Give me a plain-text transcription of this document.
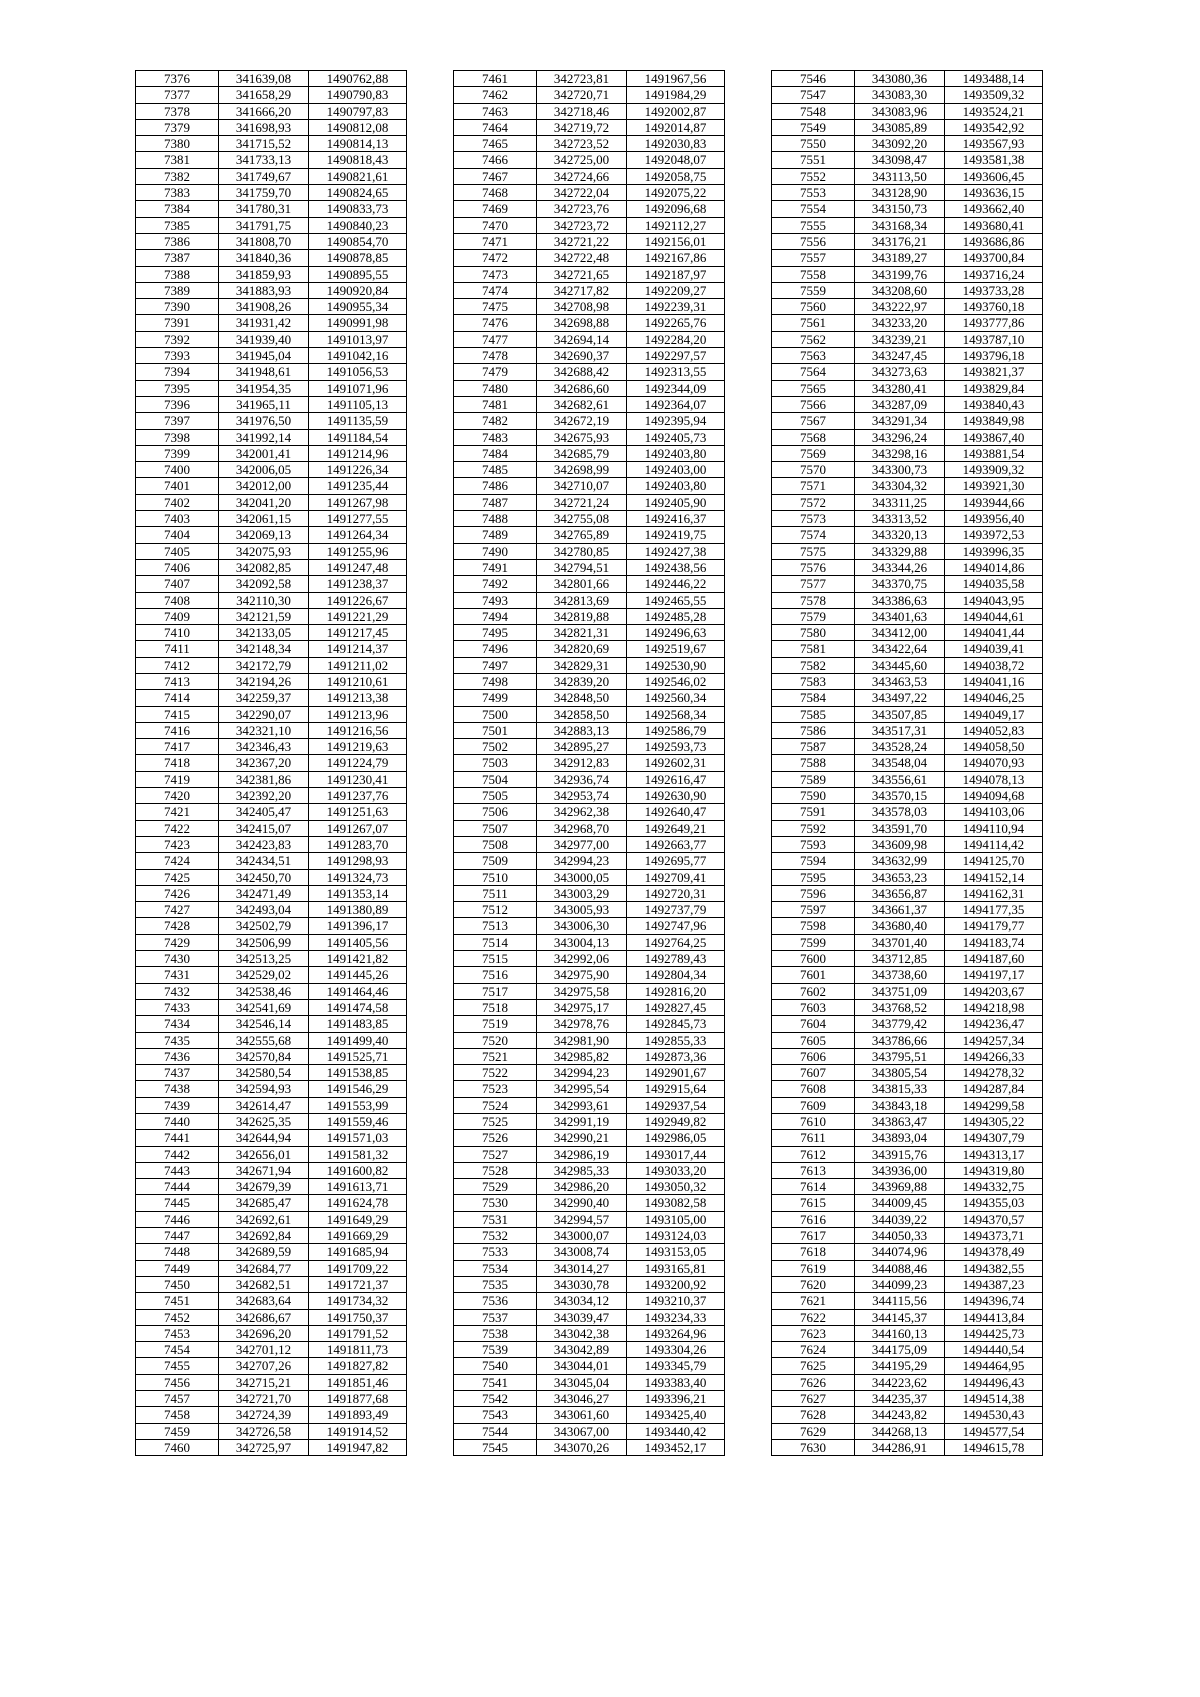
7376	341639,08	1490762,88
7377	341658,29	1490790,83
7378	341666,20	1490797,83
7379	341698,93	1490812,08
7380	341715,52	1490814,13
7381	341733,13	1490818,43
7382	341749,67	1490821,61
7383	341759,70	1490824,65
7384	341780,31	1490833,73
7385	341791,75	1490840,23
7386	341808,70	1490854,70
7387	341840,36	1490878,85
7388	341859,93	1490895,55
7389	341883,93	1490920,84
7390	341908,26	1490955,34
7391	341931,42	1490991,98
7392	341939,40	1491013,97
7393	341945,04	1491042,16
7394	341948,61	1491056,53
7395	341954,35	1491071,96
7396	341965,11	1491105,13
7397	341976,50	1491135,59
7398	341992,14	1491184,54
7399	342001,41	1491214,96
7400	342006,05	1491226,34
7401	342012,00	1491235,44
7402	342041,20	1491267,98
7403	342061,15	1491277,55
7404	342069,13	1491264,34
7405	342075,93	1491255,96
7406	342082,85	1491247,48
7407	342092,58	1491238,37
7408	342110,30	1491226,67
7409	342121,59	1491221,29
7410	342133,05	1491217,45
7411	342148,34	1491214,37
7412	342172,79	1491211,02
7413	342194,26	1491210,61
7414	342259,37	1491213,38
7415	342290,07	1491213,96
7416	342321,10	1491216,56
7417	342346,43	1491219,63
7418	342367,20	1491224,79
7419	342381,86	1491230,41
7420	342392,20	1491237,76
7421	342405,47	1491251,63
7422	342415,07	1491267,07
7423	342423,83	1491283,70
7424	342434,51	1491298,93
7425	342450,70	1491324,73
7426	342471,49	1491353,14
7427	342493,04	1491380,89
7428	342502,79	1491396,17
7429	342506,99	1491405,56
7430	342513,25	1491421,82
7431	342529,02	1491445,26
7432	342538,46	1491464,46
7433	342541,69	1491474,58
7434	342546,14	1491483,85
7435	342555,68	1491499,40
7436	342570,84	1491525,71
7437	342580,54	1491538,85
7438	342594,93	1491546,29
7439	342614,47	1491553,99
7440	342625,35	1491559,46
7441	342644,94	1491571,03
7442	342656,01	1491581,32
7443	342671,94	1491600,82
7444	342679,39	1491613,71
7445	342685,47	1491624,78
7446	342692,61	1491649,29
7447	342692,84	1491669,29
7448	342689,59	1491685,94
7449	342684,77	1491709,22
7450	342682,51	1491721,37
7451	342683,64	1491734,32
7452	342686,67	1491750,37
7453	342696,20	1491791,52
7454	342701,12	1491811,73
7455	342707,26	1491827,82
7456	342715,21	1491851,46
7457	342721,70	1491877,68
7458	342724,39	1491893,49
7459	342726,58	1491914,52
7460	342725,97	1491947,82
7461	342723,81	1491967,56
7462	342720,71	1491984,29
7463	342718,46	1492002,87
7464	342719,72	1492014,87
7465	342723,52	1492030,83
7466	342725,00	1492048,07
7467	342724,66	1492058,75
7468	342722,04	1492075,22
7469	342723,76	1492096,68
7470	342723,72	1492112,27
7471	342721,22	1492156,01
7472	342722,48	1492167,86
7473	342721,65	1492187,97
7474	342717,82	1492209,27
7475	342708,98	1492239,31
7476	342698,88	1492265,76
7477	342694,14	1492284,20
7478	342690,37	1492297,57
7479	342688,42	1492313,55
7480	342686,60	1492344,09
7481	342682,61	1492364,07
7482	342672,19	1492395,94
7483	342675,93	1492405,73
7484	342685,79	1492403,80
7485	342698,99	1492403,00
7486	342710,07	1492403,80
7487	342721,24	1492405,90
7488	342755,08	1492416,37
7489	342765,89	1492419,75
7490	342780,85	1492427,38
7491	342794,51	1492438,56
7492	342801,66	1492446,22
7493	342813,69	1492465,55
7494	342819,88	1492485,28
7495	342821,31	1492496,63
7496	342820,69	1492519,67
7497	342829,31	1492530,90
7498	342839,20	1492546,02
7499	342848,50	1492560,34
7500	342858,50	1492568,34
7501	342883,13	1492586,79
7502	342895,27	1492593,73
7503	342912,83	1492602,31
7504	342936,74	1492616,47
7505	342953,74	1492630,90
7506	342962,38	1492640,47
7507	342968,70	1492649,21
7508	342977,00	1492663,77
7509	342994,23	1492695,77
7510	343000,05	1492709,41
7511	343003,29	1492720,31
7512	343005,93	1492737,79
7513	343006,30	1492747,96
7514	343004,13	1492764,25
7515	342992,06	1492789,43
7516	342975,90	1492804,34
7517	342975,58	1492816,20
7518	342975,17	1492827,45
7519	342978,76	1492845,73
7520	342981,90	1492855,33
7521	342985,82	1492873,36
7522	342994,23	1492901,67
7523	342995,54	1492915,64
7524	342993,61	1492937,54
7525	342991,19	1492949,82
7526	342990,21	1492986,05
7527	342986,19	1493017,44
7528	342985,33	1493033,20
7529	342986,20	1493050,32
7530	342990,40	1493082,58
7531	342994,57	1493105,00
7532	343000,07	1493124,03
7533	343008,74	1493153,05
7534	343014,27	1493165,81
7535	343030,78	1493200,92
7536	343034,12	1493210,37
7537	343039,47	1493234,33
7538	343042,38	1493264,96
7539	343042,89	1493304,26
7540	343044,01	1493345,79
7541	343045,04	1493383,40
7542	343046,27	1493396,21
7543	343061,60	1493425,40
7544	343067,00	1493440,42
7545	343070,26	1493452,17
7546	343080,36	1493488,14
7547	343083,30	1493509,32
7548	343083,96	1493524,21
7549	343085,89	1493542,92
7550	343092,20	1493567,93
7551	343098,47	1493581,38
7552	343113,50	1493606,45
7553	343128,90	1493636,15
7554	343150,73	1493662,40
7555	343168,34	1493680,41
7556	343176,21	1493686,86
7557	343189,27	1493700,84
7558	343199,76	1493716,24
7559	343208,60	1493733,28
7560	343222,97	1493760,18
7561	343233,20	1493777,86
7562	343239,21	1493787,10
7563	343247,45	1493796,18
7564	343273,63	1493821,37
7565	343280,41	1493829,84
7566	343287,09	1493840,43
7567	343291,34	1493849,98
7568	343296,24	1493867,40
7569	343298,16	1493881,54
7570	343300,73	1493909,32
7571	343304,32	1493921,30
7572	343311,25	1493944,66
7573	343313,52	1493956,40
7574	343320,13	1493972,53
7575	343329,88	1493996,35
7576	343344,26	1494014,86
7577	343370,75	1494035,58
7578	343386,63	1494043,95
7579	343401,63	1494044,61
7580	343412,00	1494041,44
7581	343422,64	1494039,41
7582	343445,60	1494038,72
7583	343463,53	1494041,16
7584	343497,22	1494046,25
7585	343507,85	1494049,17
7586	343517,31	1494052,83
7587	343528,24	1494058,50
7588	343548,04	1494070,93
7589	343556,61	1494078,13
7590	343570,15	1494094,68
7591	343578,03	1494103,06
7592	343591,70	1494110,94
7593	343609,98	1494114,42
7594	343632,99	1494125,70
7595	343653,23	1494152,14
7596	343656,87	1494162,31
7597	343661,37	1494177,35
7598	343680,40	1494179,77
7599	343701,40	1494183,74
7600	343712,85	1494187,60
7601	343738,60	1494197,17
7602	343751,09	1494203,67
7603	343768,52	1494218,98
7604	343779,42	1494236,47
7605	343786,66	1494257,34
7606	343795,51	1494266,33
7607	343805,54	1494278,32
7608	343815,33	1494287,84
7609	343843,18	1494299,58
7610	343863,47	1494305,22
7611	343893,04	1494307,79
7612	343915,76	1494313,17
7613	343936,00	1494319,80
7614	343969,88	1494332,75
7615	344009,45	1494355,03
7616	344039,22	1494370,57
7617	344050,33	1494373,71
7618	344074,96	1494378,49
7619	344088,46	1494382,55
7620	344099,23	1494387,23
7621	344115,56	1494396,74
7622	344145,37	1494413,84
7623	344160,13	1494425,73
7624	344175,09	1494440,54
7625	344195,29	1494464,95
7626	344223,62	1494496,43
7627	344235,37	1494514,38
7628	344243,82	1494530,43
7629	344268,13	1494577,54
7630	344286,91	1494615,78
